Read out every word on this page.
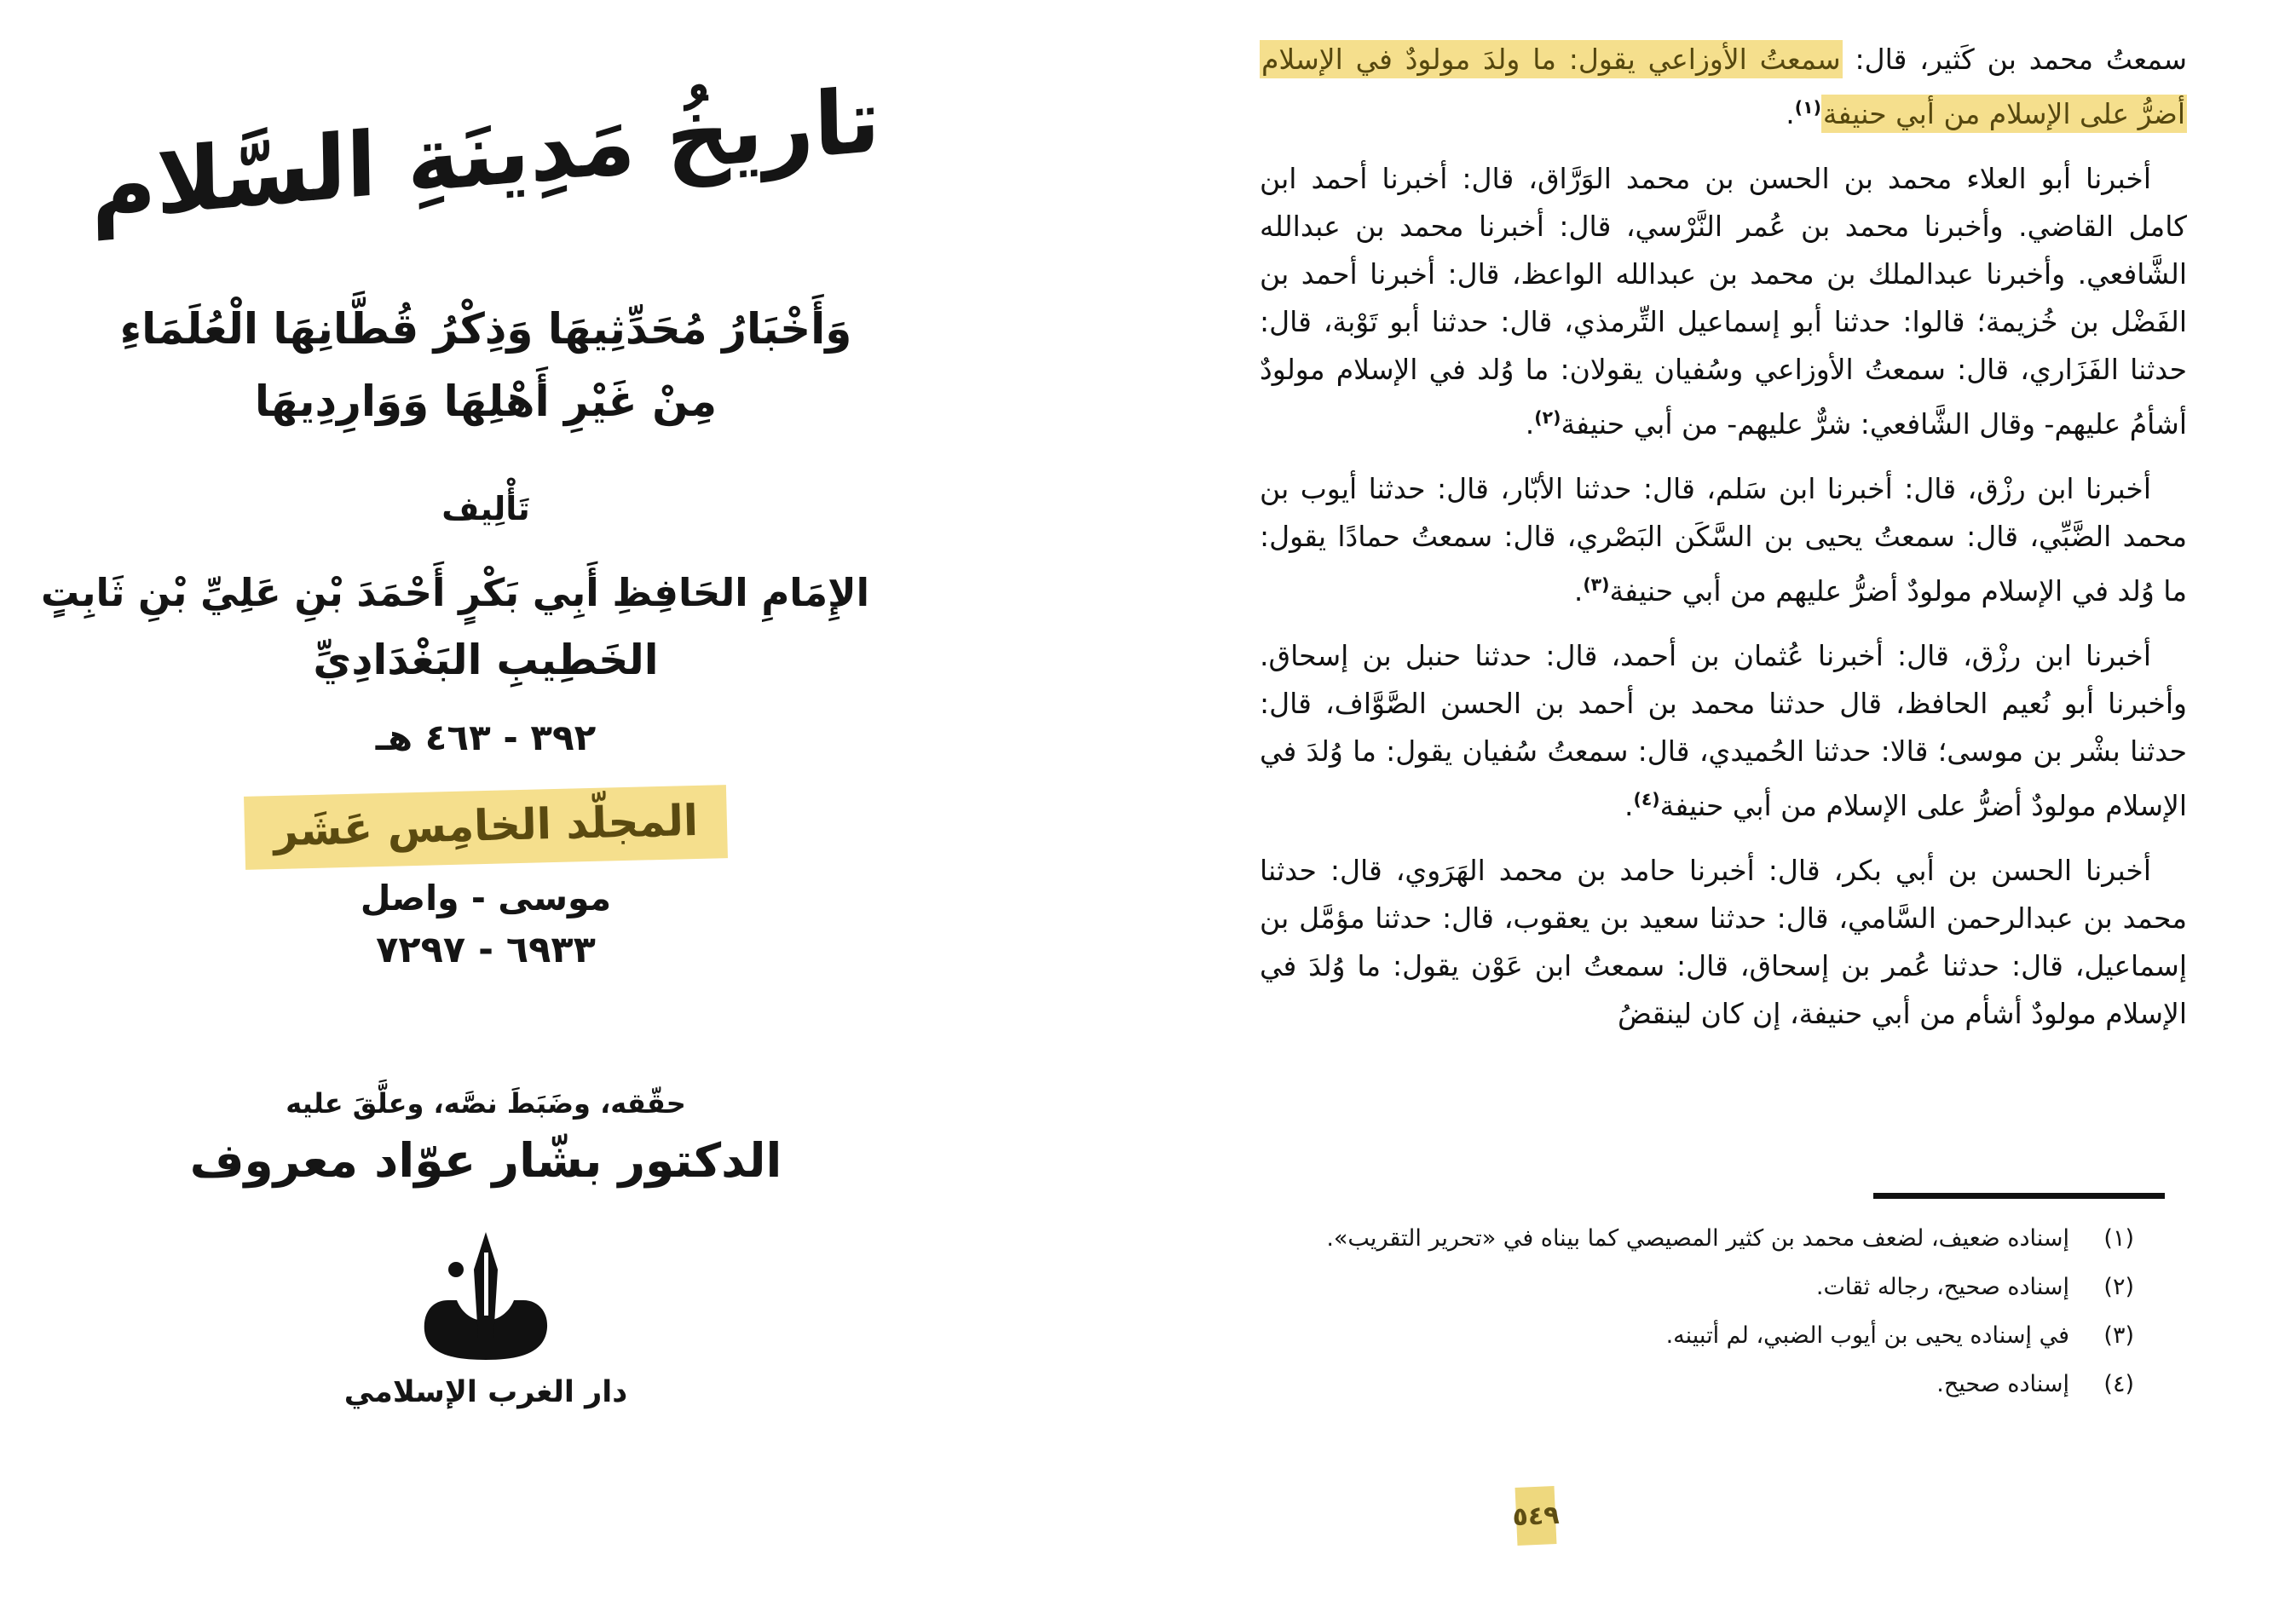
تاريخُ مَدِينَةِ السَّلام
وَأَخْبَارُ مُحَدِّثِيهَا وَذِكْرُ قُطَّانِهَا الْعُلَمَاءِ
مِنْ غَيْرِ أَهْلِهَا وَوَارِدِيهَا
تَأْلِيف
الإِمَامِ الحَافِظِ أَبِي بَكْرٍ أَحْمَدَ بْنِ عَلِيِّ بْنِ ثَابِتٍ
الخَطِيبِ البَغْدَادِيِّ
٣٩٢ - ٤٦٣ هـ
المجلّد الخامِس عَشَر
موسى - واصل
٦٩٣٣ - ٧٢٩٧
حقّقه، وضَبَطَ نصَّه، وعلَّقَ عليه
الدكتور بشّار عوّاد معروف
دار الغرب الإسلامي

سمعتُ محمد بن كَثير، قال: سمعتُ الأوزاعي يقول: ما ولدَ مولودٌ في الإسلام أضرُّ على الإسلام من أبي حنيفة$^{(١)}$.

أخبرنا أبو العلاء محمد بن الحسن بن محمد الوَرَّاق، قال: أخبرنا أحمد ابن كامل القاضي. وأخبرنا محمد بن عُمر النَّرْسي، قال: أخبرنا محمد بن عبدالله الشَّافعي. وأخبرنا عبدالملك بن محمد بن عبدالله الواعظ، قال: أخبرنا أحمد بن الفَضْل بن خُزيمة؛ قالوا: حدثنا أبو إسماعيل التِّرمذي، قال: حدثنا أبو تَوْبة، قال: حدثنا الفَزَاري، قال: سمعتُ الأوزاعي وسُفيان يقولان: ما وُلد في الإسلام مولودٌ أشأمُ عليهم- وقال الشَّافعي: شرٌّ عليهم- من أبي حنيفة$^{(٢)}$.

أخبرنا ابن رزْق، قال: أخبرنا ابن سَلم، قال: حدثنا الأبّار، قال: حدثنا أيوب بن محمد الضَّبِّي، قال: سمعتُ يحيى بن السَّكَن البَصْري، قال: سمعتُ حمادًا يقول: ما وُلد في الإسلام مولودٌ أضرُّ عليهم من أبي حنيفة$^{(٣)}$.

أخبرنا ابن رزْق، قال: أخبرنا عُثمان بن أحمد، قال: حدثنا حنبل بن إسحاق. وأخبرنا أبو نُعيم الحافظ، قال حدثنا محمد بن أحمد بن الحسن الصَّوَّاف، قال: حدثنا بشْر بن موسى؛ قالا: حدثنا الحُميدي، قال: سمعتُ سُفيان يقول: ما وُلدَ في الإسلام مولودٌ أضرُّ على الإسلام من أبي حنيفة$^{(٤)}$.

أخبرنا الحسن بن أبي بكر، قال: أخبرنا حامد بن محمد الهَرَوي، قال: حدثنا محمد بن عبدالرحمن السَّامي، قال: حدثنا سعيد بن يعقوب، قال: حدثنا مؤمَّل بن إسماعيل، قال: حدثنا عُمر بن إسحاق، قال: سمعتُ ابن عَوْن يقول: ما وُلدَ في الإسلام مولودٌ أشأم من أبي حنيفة، إن كان لينقضُ

(١)
إسناده ضعيف، لضعف محمد بن كثير المصيصي كما بيناه في «تحرير التقريب».
(٢)
إسناده صحيح، رجاله ثقات.
(٣)
في إسناده يحيى بن أيوب الضبي، لم أتبينه.
(٤)
إسناده صحيح.
٥٤٩
